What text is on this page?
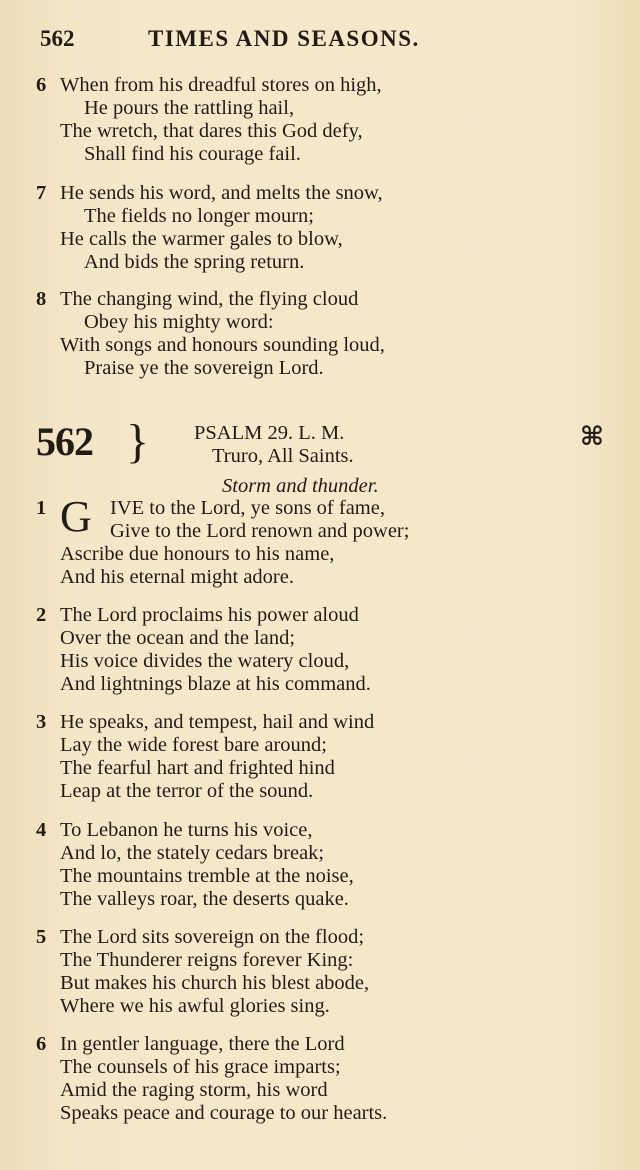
562	TIMES AND SEASONS.
6 When from his dreadful stores on high,
He pours the rattling hail,
The wretch, that dares this God defy,
Shall find his courage fail.
7 He sends his word, and melts the snow,
The fields no longer mourn;
He calls the warmer gales to blow,
And bids the spring return.
8 The changing wind, the flying cloud
Obey his mighty word:
With songs and honours sounding loud,
Praise ye the sovereign Lord.
562 } PSALM 29. L. M.
Truro, All Saints.
Storm and thunder.
⌘
G
1	IVE to the Lord, ye sons of fame,
Give to the Lord renown and power;
Ascribe due honours to his name,
And his eternal might adore.
2 The Lord proclaims his power aloud
Over the ocean and the land;
His voice divides the watery cloud,
And lightnings blaze at his command.
3 He speaks, and tempest, hail and wind
Lay the wide forest bare around;
The fearful hart and frighted hind
Leap at the terror of the sound.
4 To Lebanon he turns his voice,
And lo, the stately cedars break;
The mountains tremble at the noise,
The valleys roar, the deserts quake.
5 The Lord sits sovereign on the flood;
The Thunderer reigns forever King:
But makes his church his blest abode,
Where we his awful glories sing.
6 In gentler language, there the Lord
The counsels of his grace imparts;
Amid the raging storm, his word
Speaks peace and courage to our hearts.
